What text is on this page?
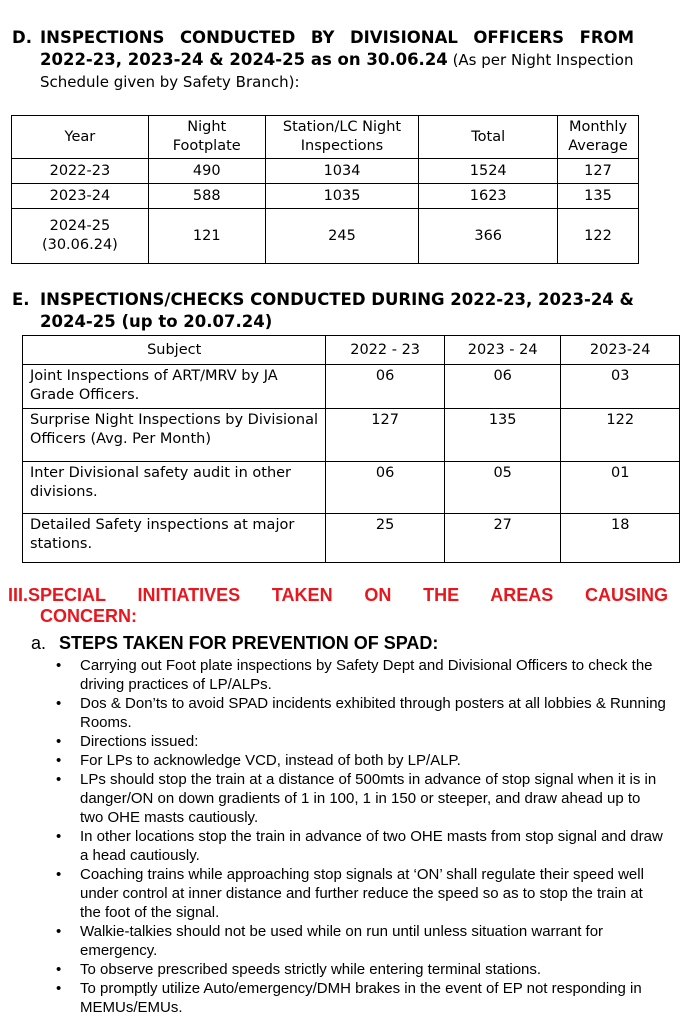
D. INSPECTIONS CONDUCTED BY DIVISIONAL OFFICERS FROM
2022-23, 2023-24 & 2024-25 as on 30.06.24 (As per Night Inspection
Schedule given by Safety Branch):
Year	Night Footplate	Station/LC Night Inspections	Total	Monthly Average
2022-23	490	1034	1524	127
2023-24	588	1035	1623	135
2024-25 (30.06.24)	121	245	366	122
E. INSPECTIONS/CHECKS CONDUCTED DURING 2022-23, 2023-24 &
2024-25 (up to 20.07.24)
Subject	2022 - 23	2023 - 24	2023-24
Joint Inspections of ART/MRV by JA Grade Officers.	06	06	03
Surprise Night Inspections by Divisional Officers (Avg. Per Month)	127	135	122
Inter Divisional safety audit in other divisions.	06	05	01
Detailed Safety inspections at major stations.	25	27	18
III.SPECIAL INITIATIVES TAKEN ON THE AREAS CAUSING
CONCERN:
a. STEPS TAKEN FOR PREVENTION OF SPAD:
• Carrying out Foot plate inspections by Safety Dept and Divisional Officers to check the driving practices of LP/ALPs.
• Dos & Don’ts to avoid SPAD incidents exhibited through posters at all lobbies & Running Rooms.
• Directions issued:
• For LPs to acknowledge VCD, instead of both by LP/ALP.
• LPs should stop the train at a distance of 500mts in advance of stop signal when it is in danger/ON on down gradients of 1 in 100, 1 in 150 or steeper, and draw ahead up to two OHE masts cautiously.
• In other locations stop the train in advance of two OHE masts from stop signal and draw a head cautiously.
• Coaching trains while approaching stop signals at ‘ON’ shall regulate their speed well under control at inner distance and further reduce the speed so as to stop the train at the foot of the signal.
• Walkie-talkies should not be used while on run until unless situation warrant for emergency.
• To observe prescribed speeds strictly while entering terminal stations.
• To promptly utilize Auto/emergency/DMH brakes in the event of EP not responding in MEMUs/EMUs.
